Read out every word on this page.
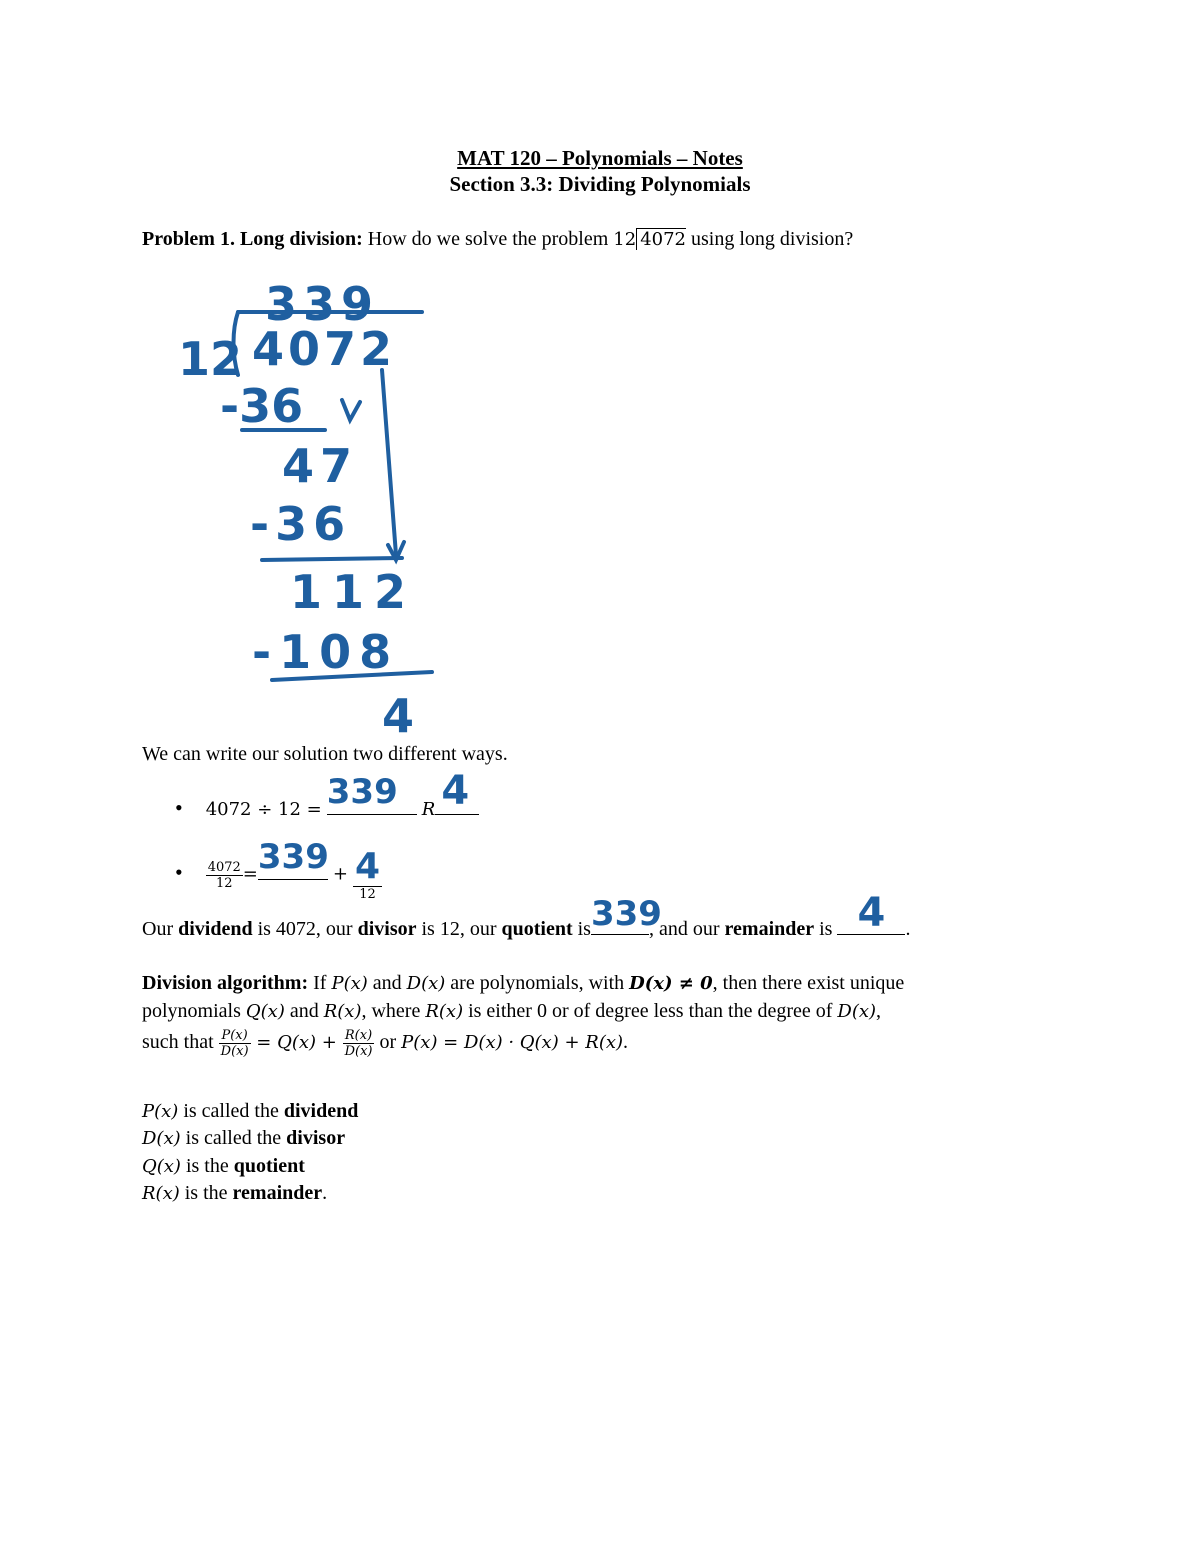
MAT 120 – Polynomials – Notes
Section 3.3: Dividing Polynomials
Problem 1. Long division: How do we solve the problem 12 4072 using long division?
339
12 4072
-36
47
-36
112
-108
4
We can write our solution two different ways.
• 4072 ÷ 12 = 339 R 4
• $\frac{4072}{12} = 339 + \frac{4}{12}$
Our dividend is 4072, our divisor is 12, our quotient is 339
, and our remainder is 4 .
Division algorithm: If P(x) and D(x) are polynomials, with D(x) ≠ 0, then there exist unique
polynomials Q(x) and R(x), where R(x) is either 0 or of degree less than the degree of D(x),
such that $\frac{P(x)}{D(x)} = Q(x) + \frac{R(x)}{D(x)}$ or P(x) = D(x) · Q(x) + R(x).
P(x) is called the dividend
D(x) is called the divisor
Q(x) is the quotient
R(x) is the remainder.
